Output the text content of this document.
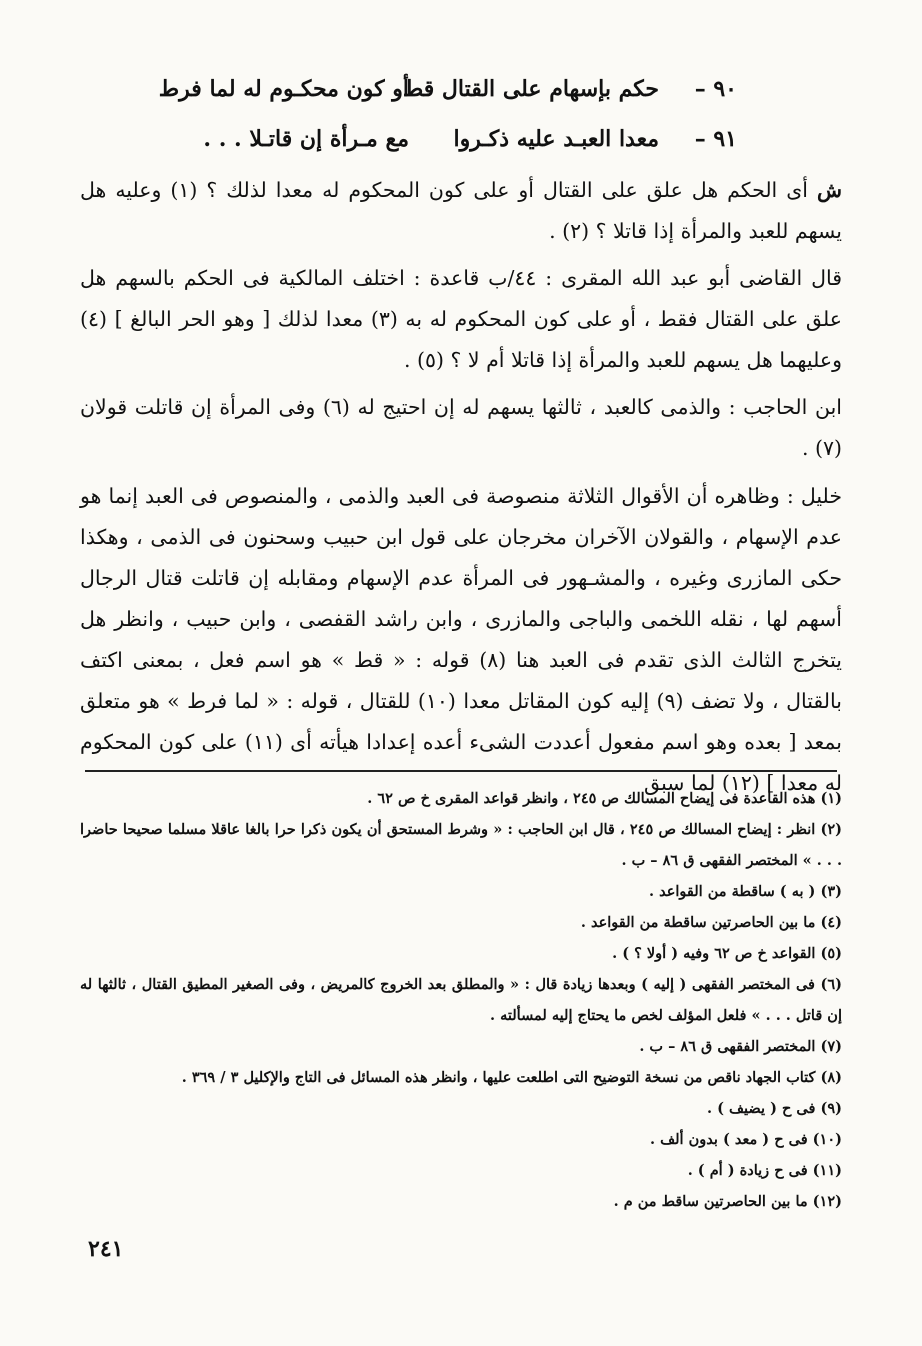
٩٠ –حكم بإسهام على القتال قطأو كون محكـوم له لما فرط
٩١ –معدا العبـد عليه ذكـروامع مـرأة إن قاتـلا . . .
ش أى الحكم هل علق على القتال أو على كون المحكوم له معدا لذلك ؟ (١) وعليه هل يسهم للعبد والمرأة إذا قاتلا ؟ (٢) .
قال القاضى أبو عبد الله المقرى : ٤٤/ب قاعدة : اختلف المالكية فى الحكم بالسهم هل علق على القتال فقط ، أو على كون المحكوم له به (٣) معدا لذلك [ وهو الحر البالغ ] (٤) وعليهما هل يسهم للعبد والمرأة إذا قاتلا أم لا ؟ (٥) .
ابن الحاجب : والذمى كالعبد ، ثالثها يسهم له إن احتيج له (٦) وفى المرأة إن قاتلت قولان (٧) .
خليل : وظاهره أن الأقوال الثلاثة منصوصة فى العبد والذمى ، والمنصوص فى العبد إنما هو عدم الإسهام ، والقولان الآخران مخرجان على قول ابن حبيب وسحنون فى الذمى ، وهكذا حكى المازرى وغيره ، والمشـهور فى المرأة عدم الإسهام ومقابله إن قاتلت قتال الرجال أسهم لها ، نقله اللخمى والباجى والمازرى ، وابن راشد القفصى ، وابن حبيب ، وانظر هل يتخرج الثالث الذى تقدم فى العبد هنا (٨) قوله : « قط » هو اسم فعل ، بمعنى اكتف بالقتال ، ولا تضف (٩) إليه كون المقاتل معدا (١٠) للقتال ، قوله : « لما فرط » هو متعلق بمعد [ بعده وهو اسم مفعول أعددت الشىء أعده إعدادا هيأته أى (١١) على كون المحكوم له معدا ] (١٢) لما سبق
(١) هذه القاعدة فى إيضاح المسالك ص ٢٤٥ ، وانظر قواعد المقرى خ ص ٦٢ .
(٢) انظر : إيضاح المسالك ص ٢٤٥ ، قال ابن الحاجب : « وشرط المستحق أن يكون ذكرا حرا بالغا عاقلا مسلما صحيحا حاضرا . . . » المختصر الفقهى ق ٨٦ – ب .
(٣) ( به ) ساقطة من القواعد .
(٤) ما بين الحاصرتين ساقطة من القواعد .
(٥) القواعد خ ص ٦٢ وفيه ( أولا ؟ ) .
(٦) فى المختصر الفقهى ( إليه ) وبعدها زيادة قال : « والمطلق بعد الخروج كالمريض ، وفى الصغير المطيق القتال ، ثالثها له إن قاتل . . . » فلعل المؤلف لخص ما يحتاج إليه لمسألته .
(٧) المختصر الفقهى ق ٨٦ – ب .
(٨) كتاب الجهاد ناقص من نسخة التوضيح التى اطلعت عليها ، وانظر هذه المسائل فى التاج والإكليل ٣ / ٣٦٩ .
(٩) فى ح ( يضيف ) .
(١٠) فى ح ( معد ) بدون ألف .
(١١) فى ح زيادة ( أم ) .
(١٢) ما بين الحاصرتين ساقط من م .
٢٤١
